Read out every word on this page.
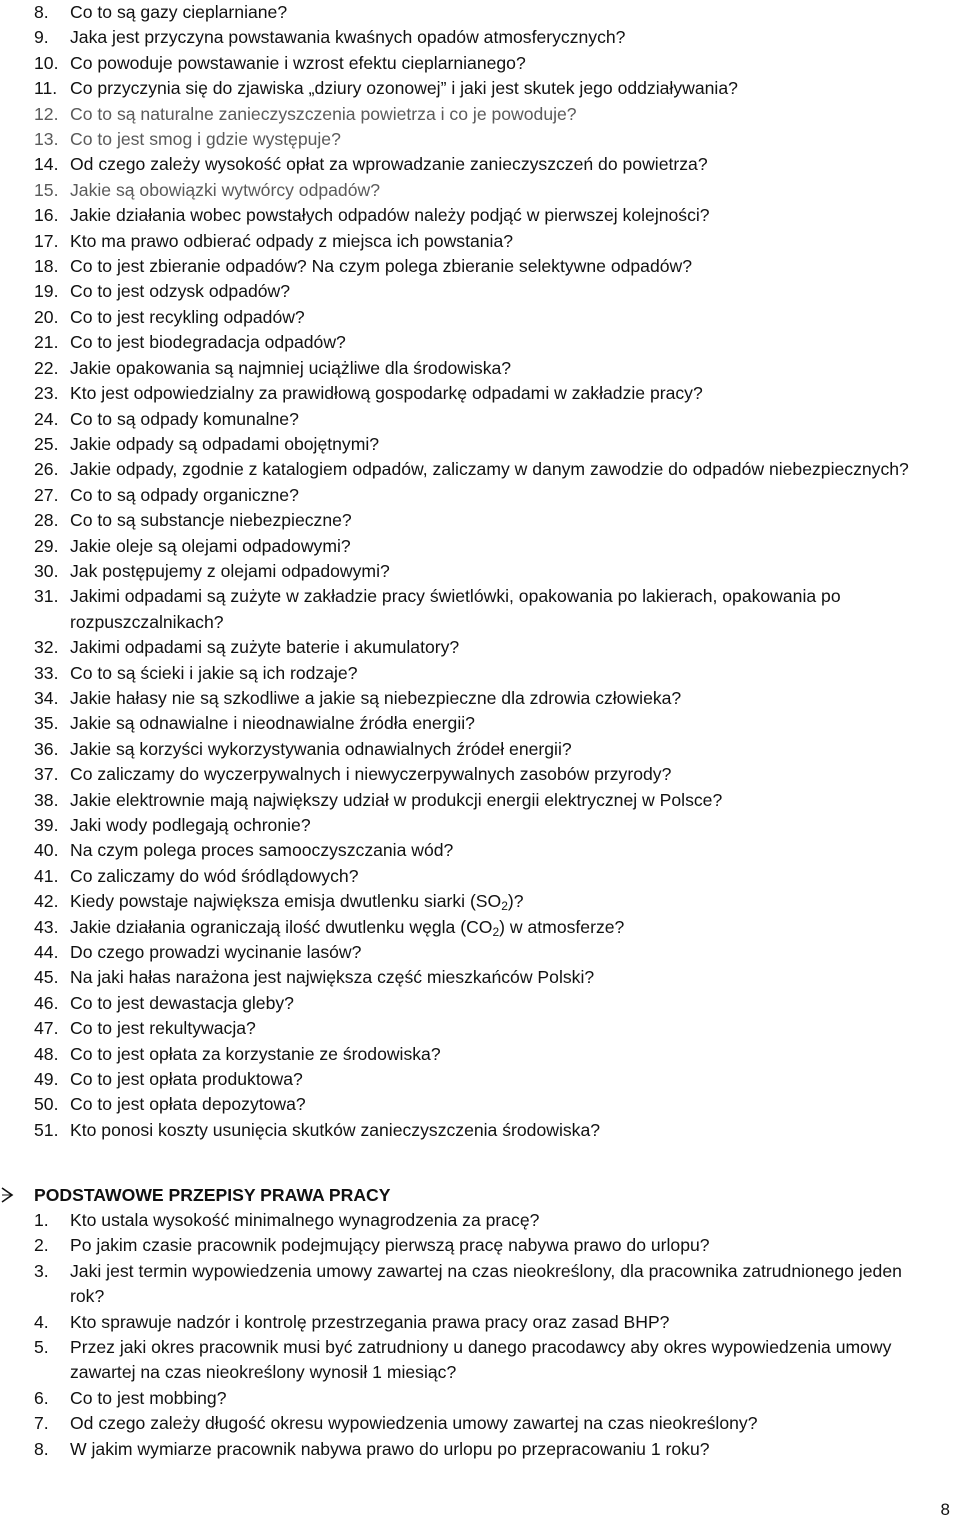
8. Co to są gazy cieplarniane?
9. Jaka jest przyczyna powstawania kwaśnych opadów atmosferycznych?
10. Co powoduje powstawanie i wzrost efektu cieplarnianego?
11. Co przyczynia się do zjawiska „dziury ozonowej” i jaki jest skutek jego oddziaływania?
12. Co to są naturalne zanieczyszczenia powietrza i co je powoduje?
13. Co to jest smog i gdzie występuje?
14. Od czego zależy wysokość opłat za wprowadzanie zanieczyszczeń do powietrza?
15. Jakie są obowiązki wytwórcy odpadów?
16. Jakie działania wobec powstałych odpadów należy podjąć w pierwszej kolejności?
17. Kto ma prawo odbierać odpady z miejsca ich powstania?
18. Co to jest zbieranie odpadów? Na czym polega zbieranie selektywne odpadów?
19. Co to jest odzysk odpadów?
20. Co to jest recykling odpadów?
21. Co to jest biodegradacja odpadów?
22. Jakie opakowania są najmniej uciążliwe dla środowiska?
23. Kto jest odpowiedzialny za prawidłową gospodarkę odpadami w zakładzie pracy?
24. Co to są odpady komunalne?
25. Jakie odpady są odpadami obojętnymi?
26. Jakie odpady, zgodnie z katalogiem odpadów, zaliczamy w danym zawodzie do odpadów niebezpiecznych?
27. Co to są odpady organiczne?
28. Co to są substancje niebezpieczne?
29. Jakie oleje są olejami odpadowymi?
30. Jak postępujemy z olejami odpadowymi?
31. Jakimi odpadami są zużyte w zakładzie pracy świetlówki, opakowania po lakierach, opakowania po rozpuszczalnikach?
32. Jakimi odpadami są zużyte baterie i akumulatory?
33. Co to są ścieki i jakie są ich rodzaje?
34. Jakie hałasy nie są szkodliwe a jakie są niebezpieczne dla zdrowia człowieka?
35. Jakie są odnawialne i nieodnawialne źródła energii?
36. Jakie są korzyści wykorzystywania odnawialnych źródeł energii?
37. Co zaliczamy do wyczerpywalnych i niewyczerpywalnych zasobów przyrody?
38. Jakie elektrownie mają największy udział w produkcji energii elektrycznej w Polsce?
39. Jaki wody podlegają ochronie?
40. Na czym polega proces samooczyszczania wód?
41. Co zaliczamy do wód śródlądowych?
42. Kiedy powstaje największa emisja dwutlenku siarki $(SO_2)$?
43. Jakie działania ograniczają ilość dwutlenku węgla $(CO_2)$ w atmosferze?
44. Do czego prowadzi wycinanie lasów?
45. Na jaki hałas narażona jest największa część mieszkańców Polski?
46. Co to jest dewastacja gleby?
47. Co to jest rekultywacja?
48. Co to jest opłata za korzystanie ze środowiska?
49. Co to jest opłata produktowa?
50. Co to jest opłata depozytowa?
51. Kto ponosi koszty usunięcia skutków zanieczyszczenia środowiska?
PODSTAWOWE PRZEPISY PRAWA PRACY
1. Kto ustala wysokość minimalnego wynagrodzenia za pracę?
2. Po jakim czasie pracownik podejmujący pierwszą pracę nabywa prawo do urlopu?
3. Jaki jest termin wypowiedzenia umowy zawartej na czas nieokreślony, dla pracownika zatrudnionego jeden rok?
4. Kto sprawuje nadzór i kontrolę przestrzegania prawa pracy oraz zasad BHP?
5. Przez jaki okres pracownik musi być zatrudniony u danego pracodawcy aby okres wypowiedzenia umowy zawartej na czas nieokreślony wynosił 1 miesiąc?
6. Co to jest mobbing?
7. Od czego zależy długość okresu wypowiedzenia umowy zawartej na czas nieokreślony?
8. W jakim wymiarze pracownik nabywa prawo do urlopu po przepracowaniu 1 roku?
8
